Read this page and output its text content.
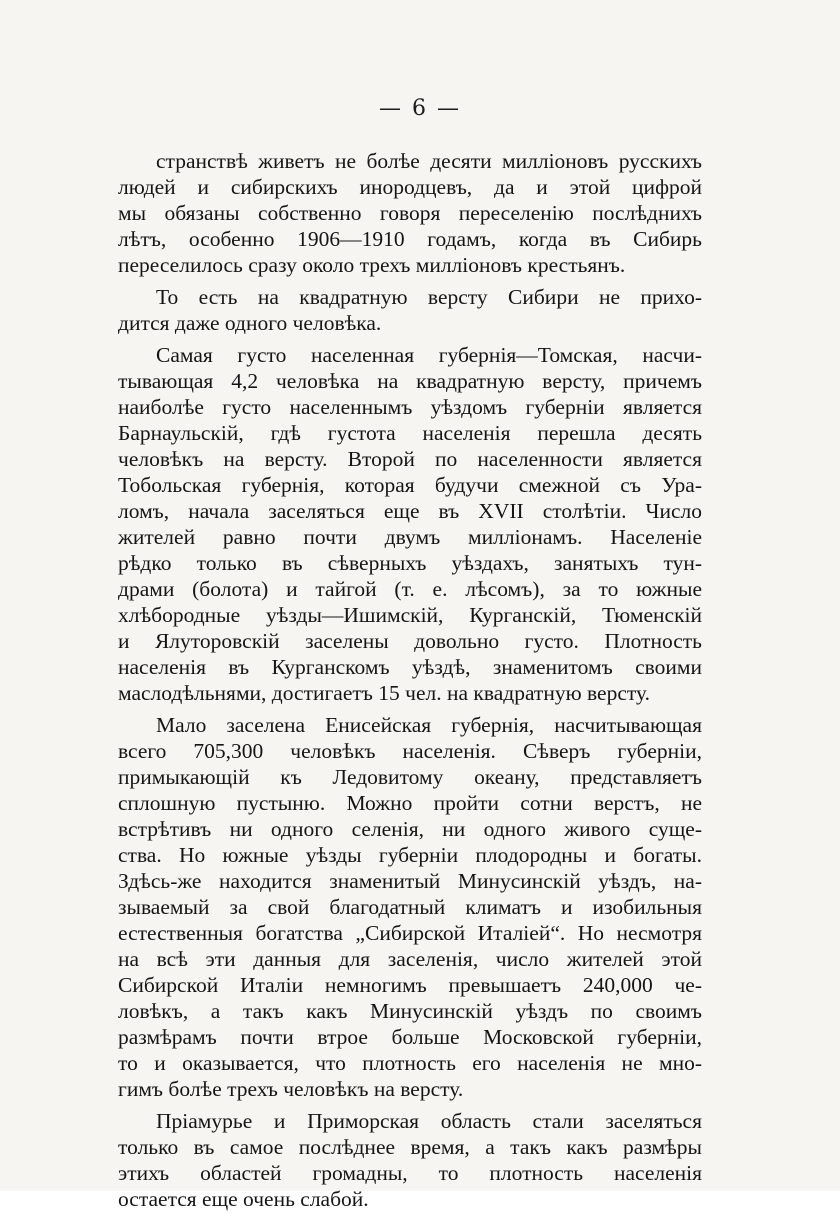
— 6 —
странствѣ живетъ не болѣе десяти милліоновъ русскихъ
людей и сибирскихъ инородцевъ, да и этой цифрой
мы обязаны собственно говоря переселенію послѣднихъ
лѣтъ, особенно 1906—1910 годамъ, когда въ Сибирь
переселилось сразу около трехъ милліоновъ крестьянъ.
То есть на квадратную версту Сибири не прихо-
дится даже одного человѣка.
Самая густо населенная губернія—Томская, насчи-
тывающая 4,2 человѣка на квадратную версту, причемъ
наиболѣе густо населеннымъ уѣздомъ губерніи является
Барнаульскій, гдѣ густота населенія перешла десять
человѣкъ на версту. Второй по населенности является
Тобольская губернія, которая будучи смежной съ Ура-
ломъ, начала заселяться еще въ XVII столѣтіи. Число
жителей равно почти двумъ милліонамъ. Населеніе
рѣдко только въ сѣверныхъ уѣздахъ, занятыхъ тун-
драми (болота) и тайгой (т. е. лѣсомъ), за то южные
хлѣбородные уѣзды—Ишимскій, Курганскій, Тюменскій
и Ялуторовскій заселены довольно густо. Плотность
населенія въ Курганскомъ уѣздѣ, знаменитомъ своими
маслодѣльнями, достигаетъ 15 чел. на квадратную версту.
Мало заселена Енисейская губернія, насчитывающая
всего 705,300 человѣкъ населенія. Сѣверъ губерніи,
примыкающій къ Ледовитому океану, представляетъ
сплошную пустыню. Можно пройти сотни верстъ, не
встрѣтивъ ни одного селенія, ни одного живого суще-
ства. Но южные уѣзды губерніи плодородны и богаты.
Здѣсь-же находится знаменитый Минусинскій уѣздъ, на-
зываемый за свой благодатный климатъ и изобильныя
естественныя богатства „Сибирской Италіей“. Но несмотря
на всѣ эти данныя для заселенія, число жителей этой
Сибирской Италіи немногимъ превышаетъ 240,000 че-
ловѣкъ, а такъ какъ Минусинскій уѣздъ по своимъ
размѣрамъ почти втрое больше Московской губерніи,
то и оказывается, что плотность его населенія не мно-
гимъ болѣе трехъ человѣкъ на версту.
Пріамурье и Приморская область стали заселяться
только въ самое послѣднее время, а такъ какъ размѣры
этихъ областей громадны, то плотность населенія
остается еще очень слабой.
